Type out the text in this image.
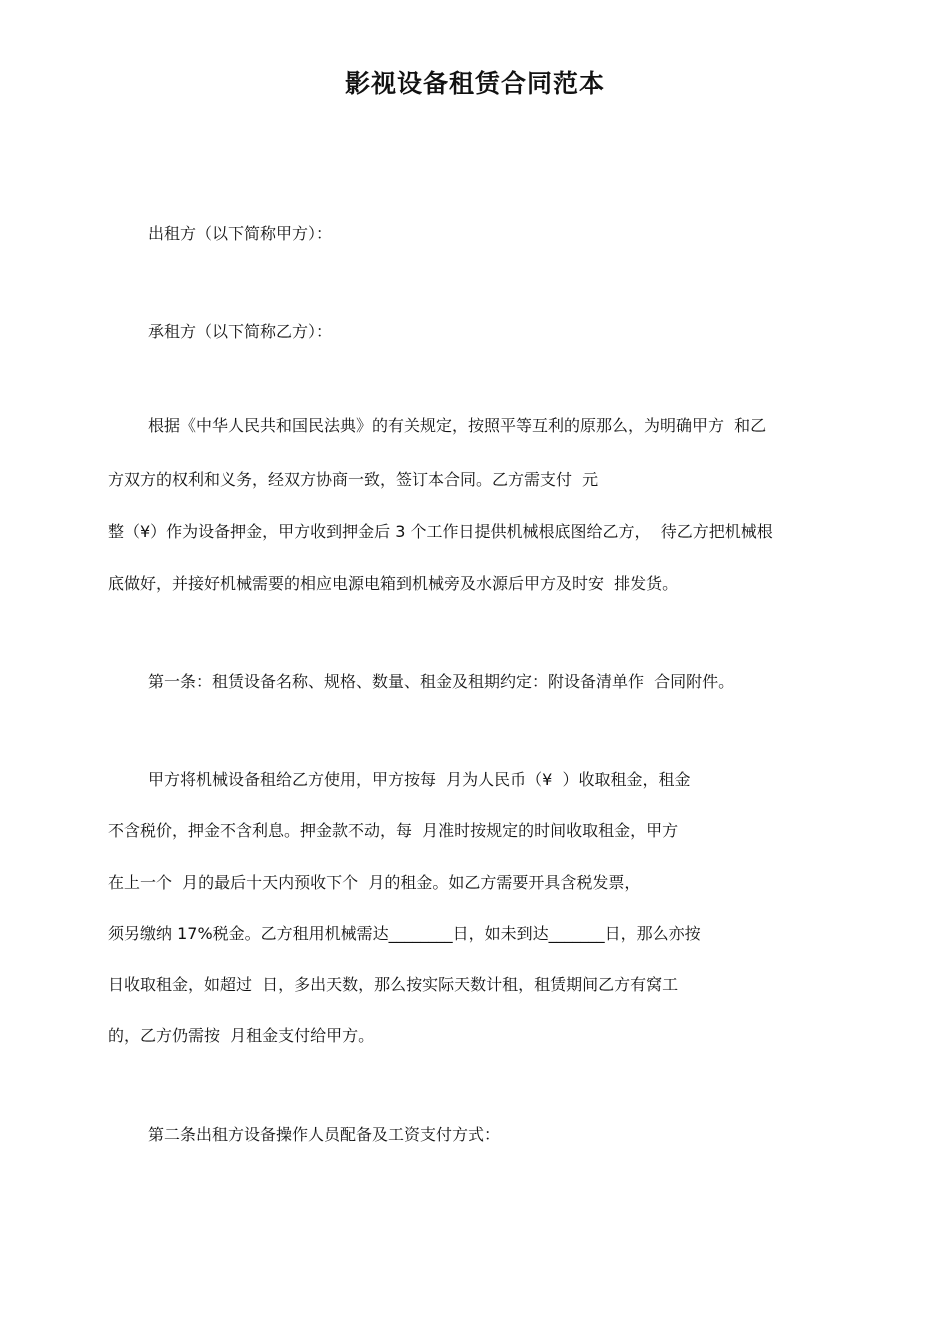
影视设备租赁合同范本
出租方（以下简称甲方）：
承租方（以下简称乙方）：
根据《中华人民共和国民法典》的有关规定，按照平等互利的原那么，为明确甲方  和乙
方双方的权利和义务，经双方协商一致，签订本合同。乙方需支付  元
整（¥）作为设备押金，甲方收到押金后 3 个工作日提供机械根底图给乙方，  待乙方把机械根
底做好，并接好机械需要的相应电源电箱到机械旁及水源后甲方及时安  排发货。
第一条：租赁设备名称、规格、数量、租金及租期约定：附设备清单作  合同附件。
甲方将机械设备租给乙方使用，甲方按每  月为人民币（¥  ）收取租金，租金
不含税价，押金不含利息。押金款不动，每  月准时按规定的时间收取租金，甲方
在上一个  月的最后十天内预收下个  月的租金。如乙方需要开具含税发票，
须另缴纳 17%税金。乙方租用机械需达________日，如未到达_______日，那么亦按
日收取租金，如超过  日，多出天数，那么按实际天数计租，租赁期间乙方有窝工
的，乙方仍需按  月租金支付给甲方。
第二条出租方设备操作人员配备及工资支付方式：
